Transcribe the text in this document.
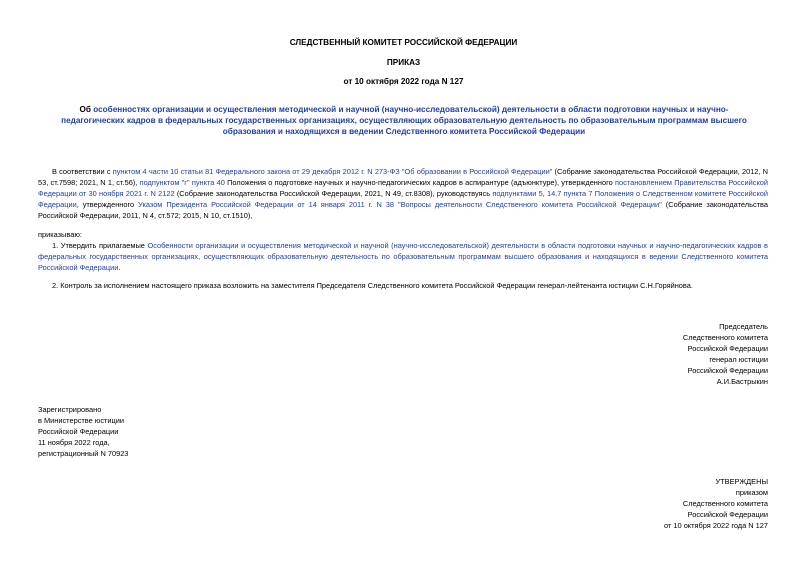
СЛЕДСТВЕННЫЙ КОМИТЕТ РОССИЙСКОЙ ФЕДЕРАЦИИ
ПРИКАЗ
от 10 октября 2022 года N 127
Об особенностях организации и осуществления методической и научной (научно-исследовательской) деятельности в области подготовки научных и научно-педагогических кадров в федеральных государственных организациях, осуществляющих образовательную деятельность по образовательным программам высшего образования и находящихся в ведении Следственного комитета Российской Федерации
В соответствии с пунктом 4 части 10 статьи 81 Федерального закона от 29 декабря 2012 г. N 273-ФЗ "Об образовании в Российской Федерации" (Собрание законодательства Российской Федерации, 2012, N 53, ст.7598; 2021, N 1, ст.56), подпунктом "г" пункта 40 Положения о подготовке научных и научно-педагогических кадров в аспирантуре (адъюнктуре), утвержденного постановлением Правительства Российской Федерации от 30 ноября 2021 г. N 2122 (Собрание законодательства Российской Федерации, 2021, N 49, ст.8308), руководствуясь подпунктами 5, 14.7 пункта 7 Положения о Следственном комитете Российской Федерации, утвержденного Указом Президента Российской Федерации от 14 января 2011 г. N 38 "Вопросы деятельности Следственного комитета Российской Федерации" (Собрание законодательства Российской Федерации, 2011, N 4, ст.572; 2015, N 10, ст.1510),
приказываю:
1. Утвердить прилагаемые Особенности организации и осуществления методической и научной (научно-исследовательской) деятельности в области подготовки научных и научно-педагогических кадров в федеральных государственных организациях, осуществляющих образовательную деятельность по образовательным программам высшего образования и находящихся в ведении Следственного комитета Российской Федерации.
2. Контроль за исполнением настоящего приказа возложить на заместителя Председателя Следственного комитета Российской Федерации генерал-лейтенанта юстиции С.Н.Горяйнова.
Председатель
Следственного комитета
Российской Федерации
генерал юстиции
Российской Федерации
А.И.Бастрыкин
Зарегистрировано
в Министерстве юстиции
Российской Федерации
11 ноября 2022 года,
регистрационный N 70923
УТВЕРЖДЕНЫ
приказом
Следственного комитета
Российской Федерации
от 10 октября 2022 года N 127
